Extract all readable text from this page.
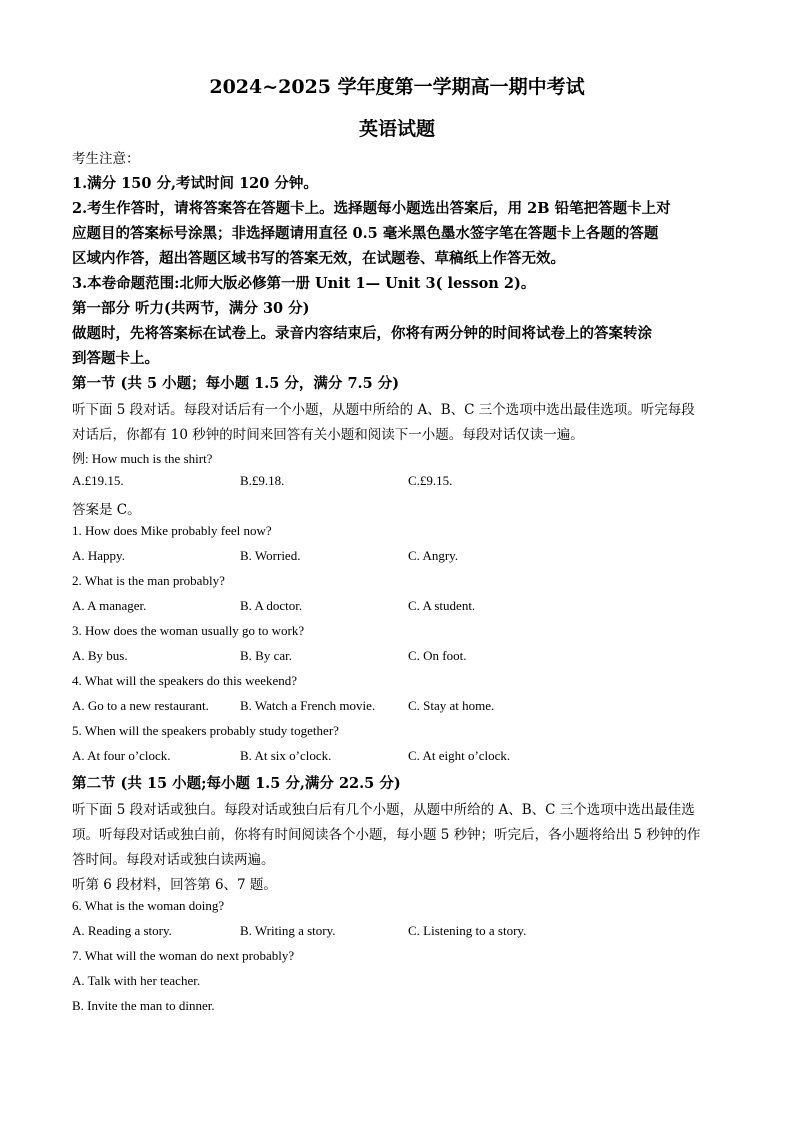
2024~2025 学年度第一学期高一期中考试
英语试题
考生注意：
1.满分 150 分,考试时间 120 分钟。
2.考生作答时，请将答案答在答题卡上。选择题每小题选出答案后，用 2B 铅笔把答题卡上对
应题目的答案标号涂黑；非选择题请用直径 0.5 毫米黑色墨水签字笔在答题卡上各题的答题
区域内作答，超出答题区域书写的答案无效，在试题卷、草稿纸上作答无效。
3.本卷命题范围:北师大版必修第一册 Unit 1— Unit 3( lesson 2)。
第一部分 听力(共两节，满分 30 分)
做题时，先将答案标在试卷上。录音内容结束后，你将有两分钟的时间将试卷上的答案转涂
到答题卡上。
第一节 (共 5 小题；每小题 1.5 分，满分 7.5 分)
听下面 5 段对话。每段对话后有一个小题，从题中所给的 A、B、C 三个选项中选出最佳选项。听完每段
对话后，你都有 10 秒钟的时间来回答有关小题和阅读下一小题。每段对话仅读一遍。
例: How much is the shirt?
A.£19.15.	B.£9.18.	C.£9.15.
答案是 C。
1. How does Mike probably feel now?
A. Happy.	B. Worried.	C. Angry.
2. What is the man probably?
A. A manager.	B. A doctor.	C. A student.
3. How does the woman usually go to work?
A. By bus.	B. By car.	C. On foot.
4. What will the speakers do this weekend?
A. Go to a new restaurant. B. Watch a French movie.	C. Stay at home.
5. When will the speakers probably study together?
A. At four o’clock.	B. At six o’clock.	C. At eight o’clock.
第二节 (共 15 小题;每小题 1.5 分,满分 22.5 分)
听下面 5 段对话或独白。每段对话或独白后有几个小题，从题中所给的 A、B、C 三个选项中选出最佳选
项。听每段对话或独白前，你将有时间阅读各个小题，每小题 5 秒钟；听完后，各小题将给出 5 秒钟的作
答时间。每段对话或独白读两遍。
听第 6 段材料，回答第 6、7 题。
6. What is the woman doing?
A. Reading a story.	B. Writing a story.	C. Listening to a story.
7. What will the woman do next probably?
A. Talk with her teacher.
B. Invite the man to dinner.
